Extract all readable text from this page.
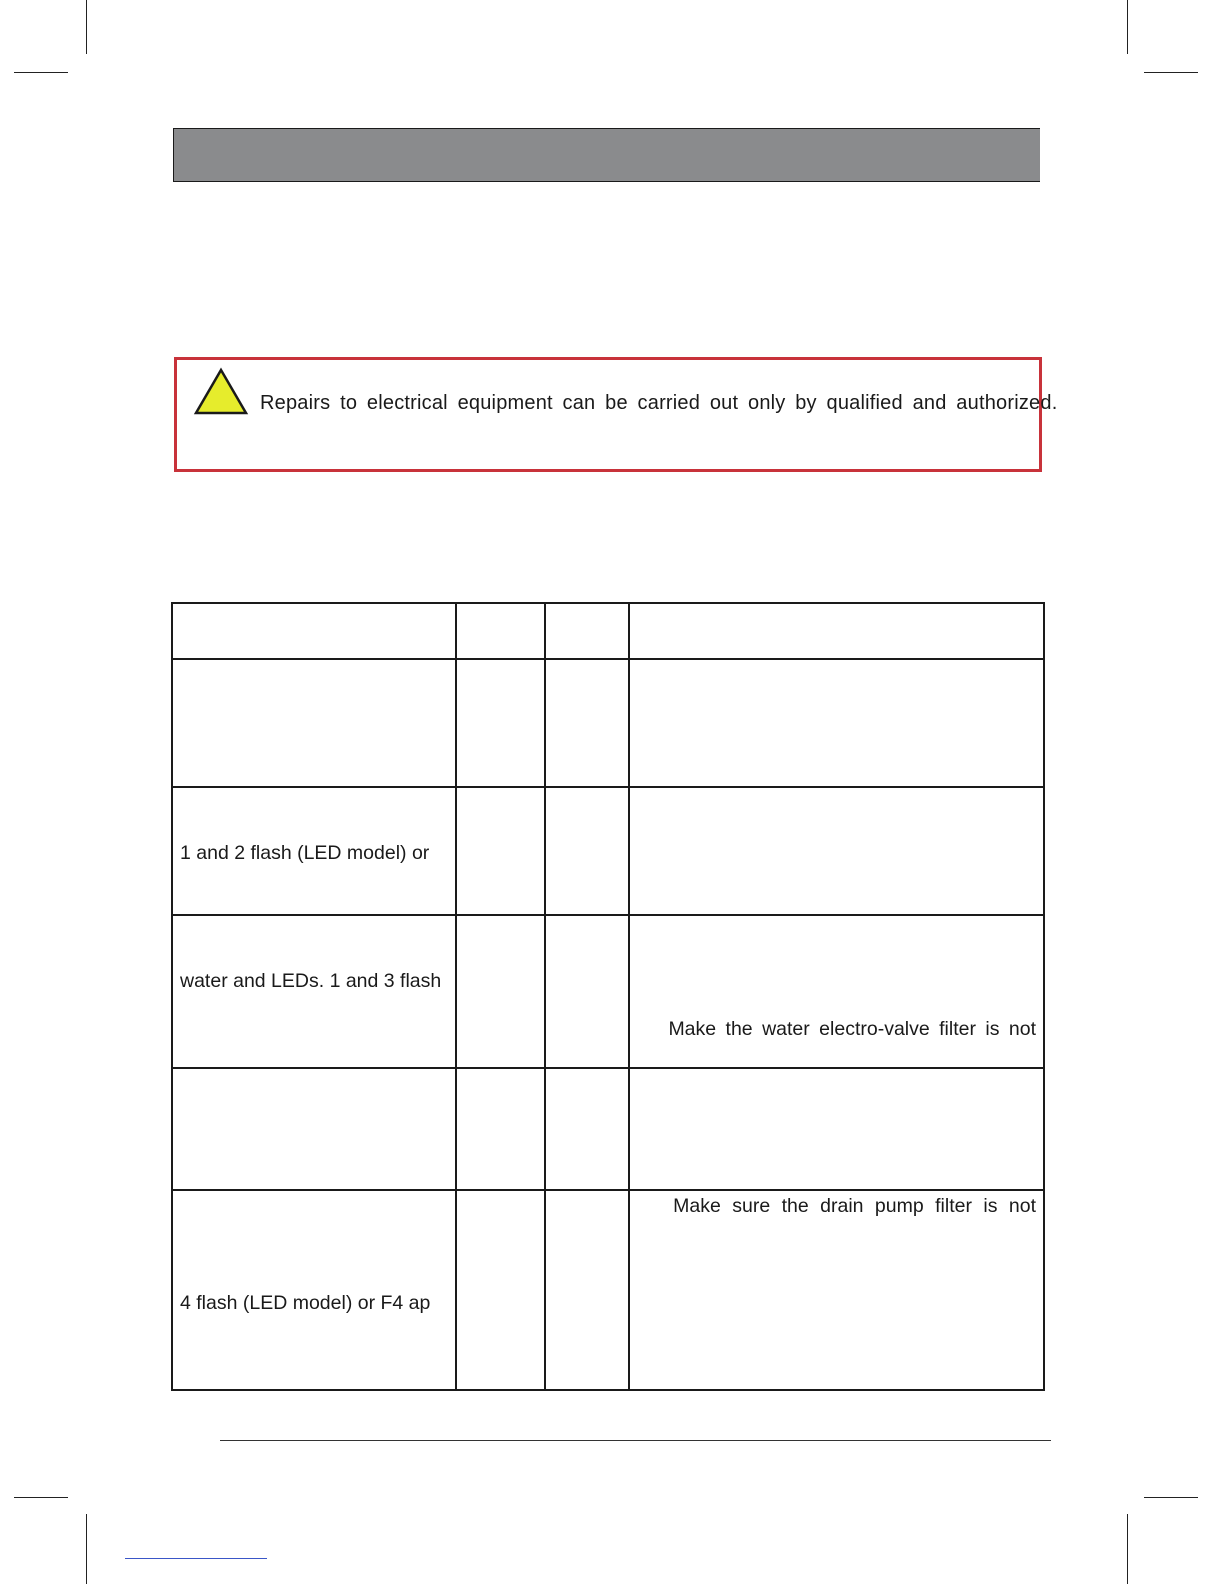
Repairs to electrical equipment can be carried out only by qualified and authorized.

1 and 2 flash (LED model) or			

water and LEDs. 1 and 3 flash			Make the water electro-valve filter is not

4 flash (LED model) or F4 ap			Make sure the drain pump filter is not
